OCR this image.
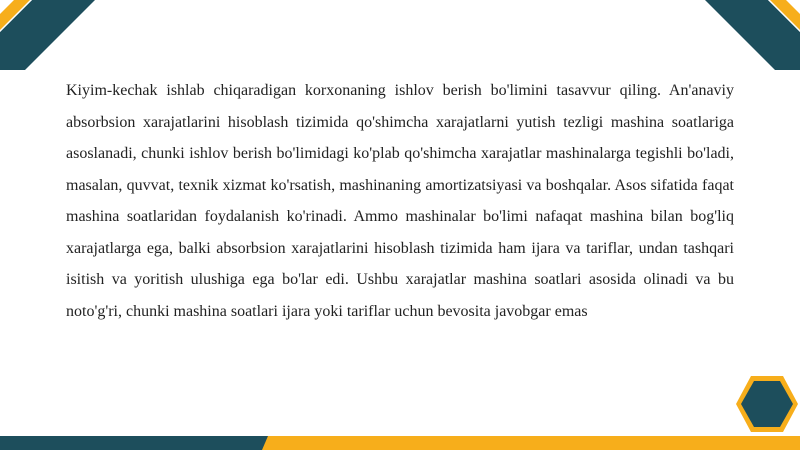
Kiyim-kechak ishlab chiqaradigan korxonaning ishlov berish bo'limini tasavvur qiling. An'anaviy absorbsion xarajatlarini hisoblash tizimida qo'shimcha xarajatlarni yutish tezligi mashina soatlariga asoslanadi, chunki ishlov berish bo'limidagi ko'plab qo'shimcha xarajatlar mashinalarga tegishli bo'ladi, masalan, quvvat, texnik xizmat ko'rsatish, mashinaning amortizatsiyasi va boshqalar. Asos sifatida faqat mashina soatlaridan foydalanish ko'rinadi. Ammo mashinalar bo'limi nafaqat mashina bilan bog'liq xarajatlarga ega, balki absorbsion xarajatlarini hisoblash tizimida ham ijara va tariflar, undan tashqari isitish va yoritish ulushiga ega bo'lar edi. Ushbu xarajatlar mashina soatlari asosida olinadi va bu noto'g'ri, chunki mashina soatlari ijara yoki tariflar uchun bevosita javobgar emas
